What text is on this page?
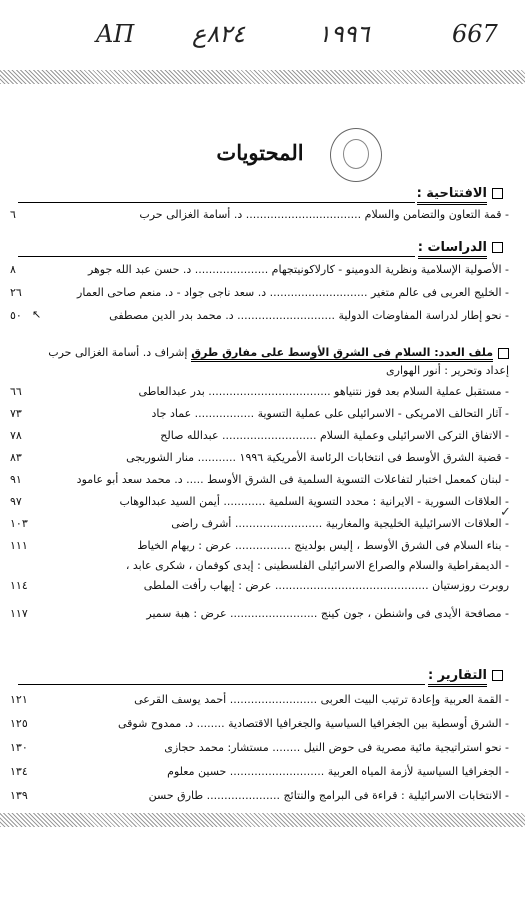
ΑΠ ٨٢٤ﻉ	١٩٩٦	667
المحتويات
الافتتاحية :
٦	- قمة التعاون والتضامن والسلام ................................. د. أسامة الغزالى حرب
الدراسات :
٨	- الأصولية الإسلامية ونظرية الدومينو - كارلاكونيتجهام ..................... د. حسن عبد الله جوهر
٢٦	- الخليج العربى فى عالم متغير ............................ د. سعد ناجى جواد - د. منعم صاحى العمار
٥٠	- نحو إطار لدراسة المفاوضات الدولية ............................ د. محمد بدر الدين مصطفى
↖
ملف العدد: السلام فى الشرق الأوسط على مفارق طرق إشراف د. أسامة الغزالى حرب
إعداد وتحرير : أنور الهوارى
٦٦	- مستقبل عملية السلام بعد فوز نتنياهو ................................... بدر عبدالعاطى
٧٣	- آثار التحالف الامريكى - الاسرائيلى على عملية التسوية ................. عماد جاد
٧٨	- الاتفاق التركى الاسرائيلى وعملية السلام ........................... عبدالله صالح
٨٣	- قضية الشرق الأوسط فى انتخابات الرئاسة الأمريكية ١٩٩٦ ........... منار الشوربجى
٩١	- لبنان كمعمل اختبار لتفاعلات التسوية السلمية فى الشرق الأوسط ..... د. محمد سعد أبو عامود
٩٧	- العلاقات السورية - الايرانية : محدد التسوية السلمية ............ أيمن السيد عبدالوهاب
✓
١٠٣	- العلاقات الاسرائيلية الخليجية والمغاربية ......................... أشرف راضى
١١١	- بناء السلام فى الشرق الأوسط ، إليس بولدينج ................ عرض : ريهام الخياط
- الديمقراطية والسلام والصراع الاسرائيلى الفلسطينى : إيدى كوفمان ، شكرى عابد ،
١١٤	روبرت روزستيان ............................................ عرض : إيهاب رأفت الملطى
١١٧	- مصافحة الأيدى فى واشنطن ، جون كينج ......................... عرض : هبة سمير
التقارير :
١٢١	- القمة العربية وإعادة ترتيب البيت العربى ......................... أحمد يوسف القرعى
١٢٥	- الشرق أوسطية بين الجغرافيا السياسية والجغرافيا الاقتصادية ........ د. ممدوح شوقى
١٣٠	- نحو استراتيجية مائية مصرية فى حوض النيل ........ مستشار: محمد حجازى
١٣٤	- الجغرافيا السياسية لأزمة المياه العربية ........................... حسين معلوم
١٣٩	- الانتخابات الاسرائيلية : قراءة فى البرامج والنتائج ..................... طارق حسن
